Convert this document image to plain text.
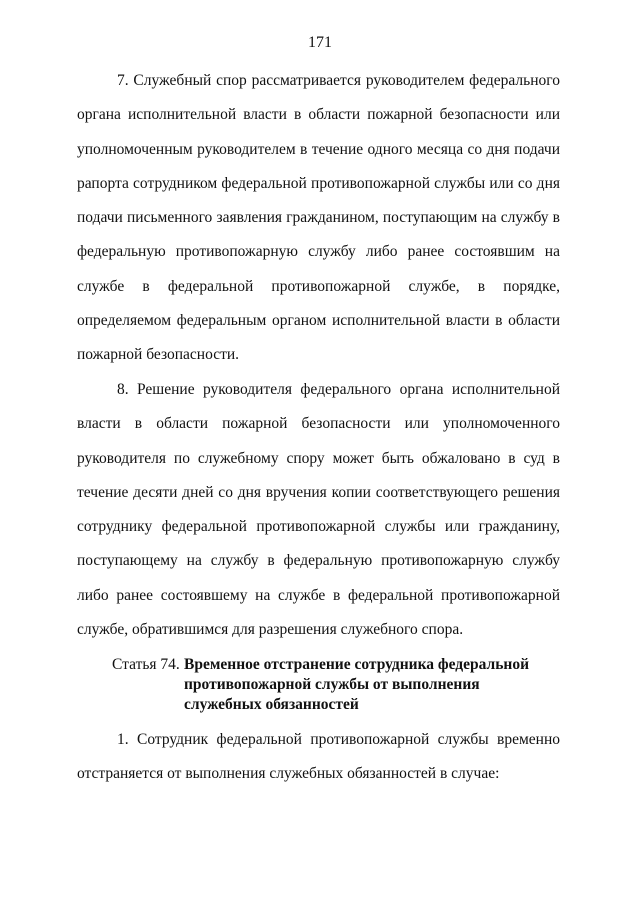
171

7. Служебный спор рассматривается руководителем федерального органа исполнительной власти в области пожарной безопасности или уполномоченным руководителем в течение одного месяца со дня подачи рапорта сотрудником федеральной противопожарной службы или со дня подачи письменного заявления гражданином, поступающим на службу в федеральную противопожарную службу либо ранее состоявшим на службе в федеральной противопожарной службе, в порядке, определяемом федеральным органом исполнительной власти в области пожарной безопасности.

8. Решение руководителя федерального органа исполнительной власти в области пожарной безопасности или уполномоченного руководителя по служебному спору может быть обжаловано в суд в течение десяти дней со дня вручения копии соответствующего решения сотруднику федеральной противопожарной службы или гражданину, поступающему на службу в федеральную противопожарную службу либо ранее состоявшему на службе в федеральной противопожарной службе, обратившимся для разрешения служебного спора.

Статья 74. Временное отстранение сотрудника федеральной
противопожарной службы от выполнения
служебных обязанностей

1. Сотрудник федеральной противопожарной службы временно отстраняется от выполнения служебных обязанностей в случае:
